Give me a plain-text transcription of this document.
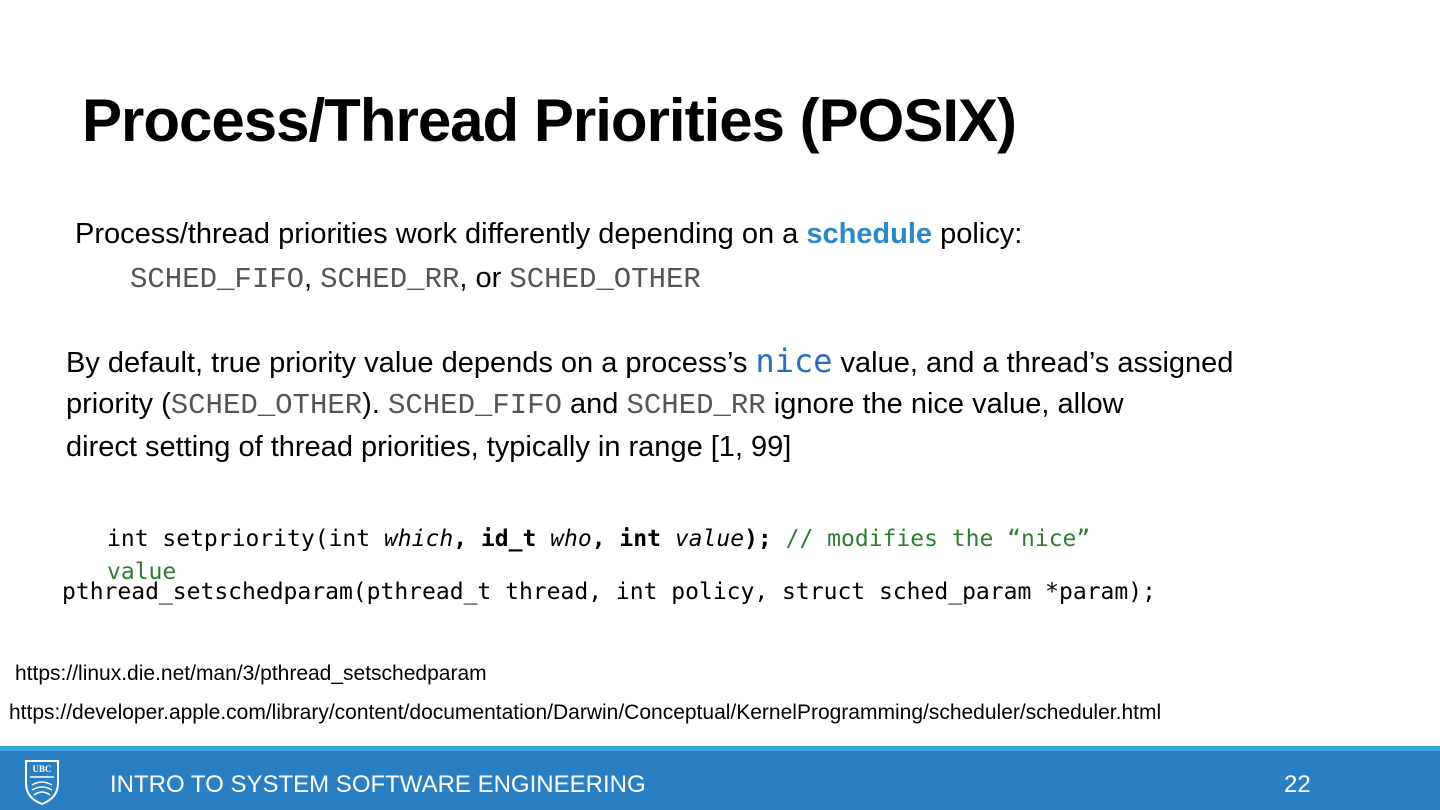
Process/Thread Priorities (POSIX)
Process/thread priorities work differently depending on a schedule policy:
SCHED_FIFO, SCHED_RR, or SCHED_OTHER
By default, true priority value depends on a process’s nice value, and a thread’s assigned
priority (SCHED_OTHER). SCHED_FIFO and SCHED_RR ignore the nice value, allow
direct setting of thread priorities, typically in range [1, 99]
int setpriority(int which, id_t who, int value); // modifies the “nice”
value
pthread_setschedparam(pthread_t thread, int policy, struct sched_param *param);
https://linux.die.net/man/3/pthread_setschedparam
https://developer.apple.com/library/content/documentation/Darwin/Conceptual/KernelProgramming/scheduler/scheduler.html
UBC
INTRO TO SYSTEM SOFTWARE ENGINEERING	22
